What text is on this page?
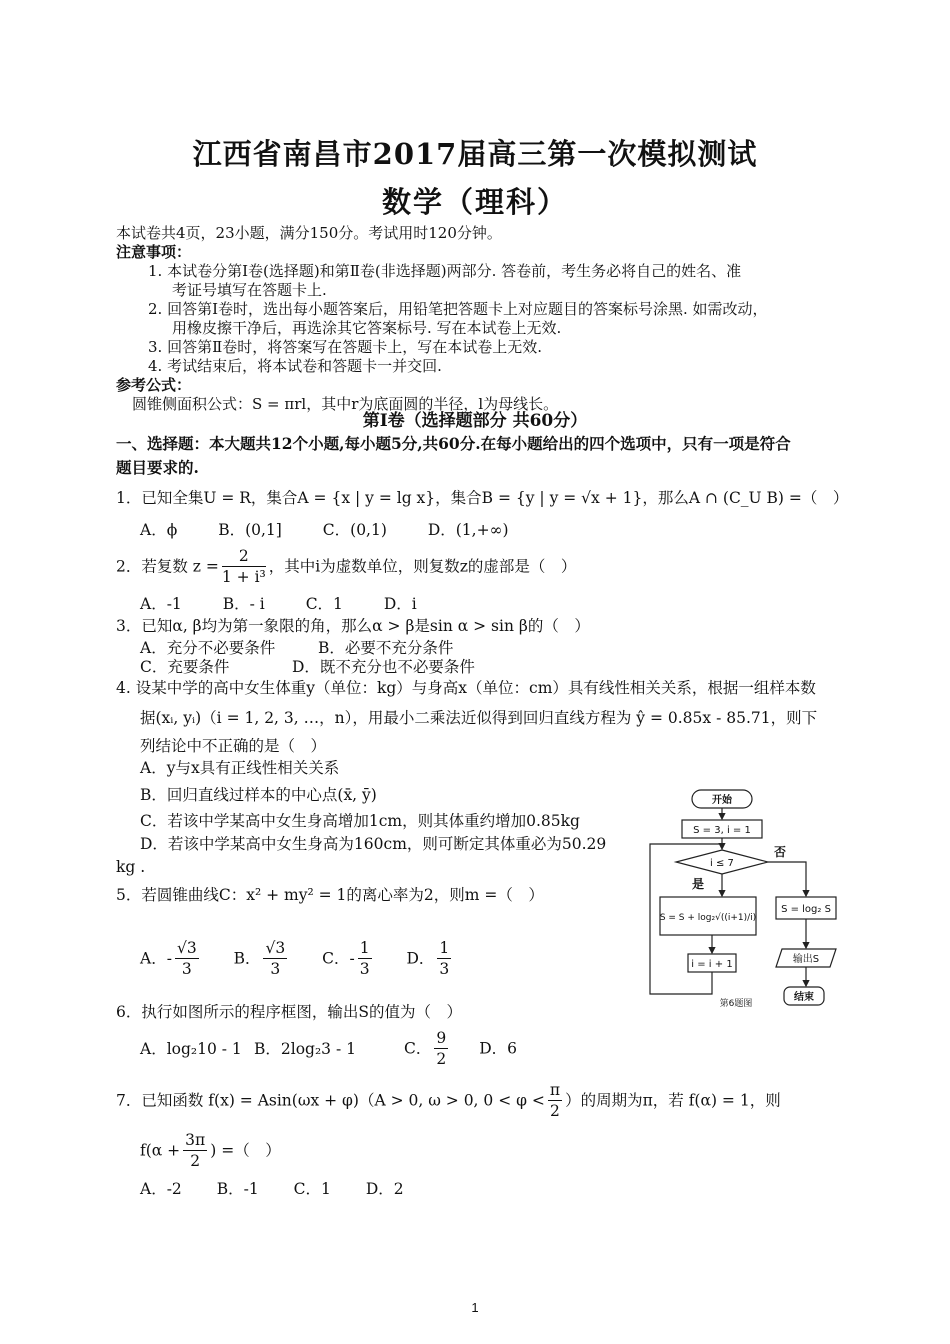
江西省南昌市2017届高三第一次模拟测试
数学（理科）
本试卷共4页，23小题，满分150分。考试用时120分钟。
注意事项：
1. 本试卷分第Ⅰ卷(选择题)和第Ⅱ卷(非选择题)两部分. 答卷前，考生务必将自己的姓名、准
考证号填写在答题卡上.
2. 回答第Ⅰ卷时，选出每小题答案后，用铅笔把答题卡上对应题目的答案标号涂黑. 如需改动，
用橡皮擦干净后，再选涂其它答案标号. 写在本试卷上无效.
3. 回答第Ⅱ卷时，将答案写在答题卡上，写在本试卷上无效.
4. 考试结束后，将本试卷和答题卡一并交回.
参考公式：
圆锥侧面积公式：S = πrl，其中r为底面圆的半径，l为母线长。
第Ⅰ卷（选择题部分 共60分）
一、选择题：本大题共12个小题,每小题5分,共60分.在每小题给出的四个选项中，只有一项是符合
题目要求的.
1．已知全集U = R，集合A = {x | y = lg x}，集合B = {y | y = √x + 1}，那么A ∩ (C_U B) =（　）
A．ϕ	B．(0,1]	C．(0,1)	D．(1,+∞)
2．若复数 $z = \frac{2}{\text{1 + i³}}$ ，其中i为虚数单位，则复数z的虚部是（　）
A．-1	B．- i	C．1	D．i
3．已知α, β均为第一象限的角，那么α > β是sin α > sin β的（　）
A．充分不必要条件	B．必要不充分条件
C．充要条件	D．既不充分也不必要条件
4. 设某中学的高中女生体重y（单位：kg）与身高x（单位：cm）具有线性相关关系，根据一组样本数
据(xᵢ, yᵢ)（i = 1, 2, 3, …，n），用最小二乘法近似得到回归直线方程为 ŷ = 0.85x - 85.71，则下
列结论中不正确的是（　）
A．y与x具有正线性相关关系
B．回归直线过样本的中心点(x̄, ȳ)
C．若该中学某高中女生身高增加1cm，则其体重约增加0.85kg
D．若该中学某高中女生身高为160cm，则可断定其体重必为50.29
kg .
5．若圆锥曲线C：x² + my² = 1的离心率为2，则m =（　）
A．- $\frac{√3}{3}$ B． $\frac{√3}{3}$ C．- $\frac{1}{3}$ D． $\frac{1}{3}$
6．执行如图所示的程序框图，输出S的值为（　）
A．log₂10 - 1 B．2log₂3 - 1	C． $\frac{9}{2}$ D．6
7．已知函数 f(x) = Asin(ωx + φ)（A > 0, ω > 0, $0 < \varphi < \frac{\pi}{2}$ ）的周期为π，若 f(α) = 1，则
$f(\alpha + \frac{3\pi}{2}$ ) =（　）
A．-2 B．-1 C．1 D．2
开始
S = 3, i = 1
i ≤ 7
否
是
S = S + log₂√((i+1)/i)
i = i + 1
S = log₂ S
输出S
结束
第6题图
1
